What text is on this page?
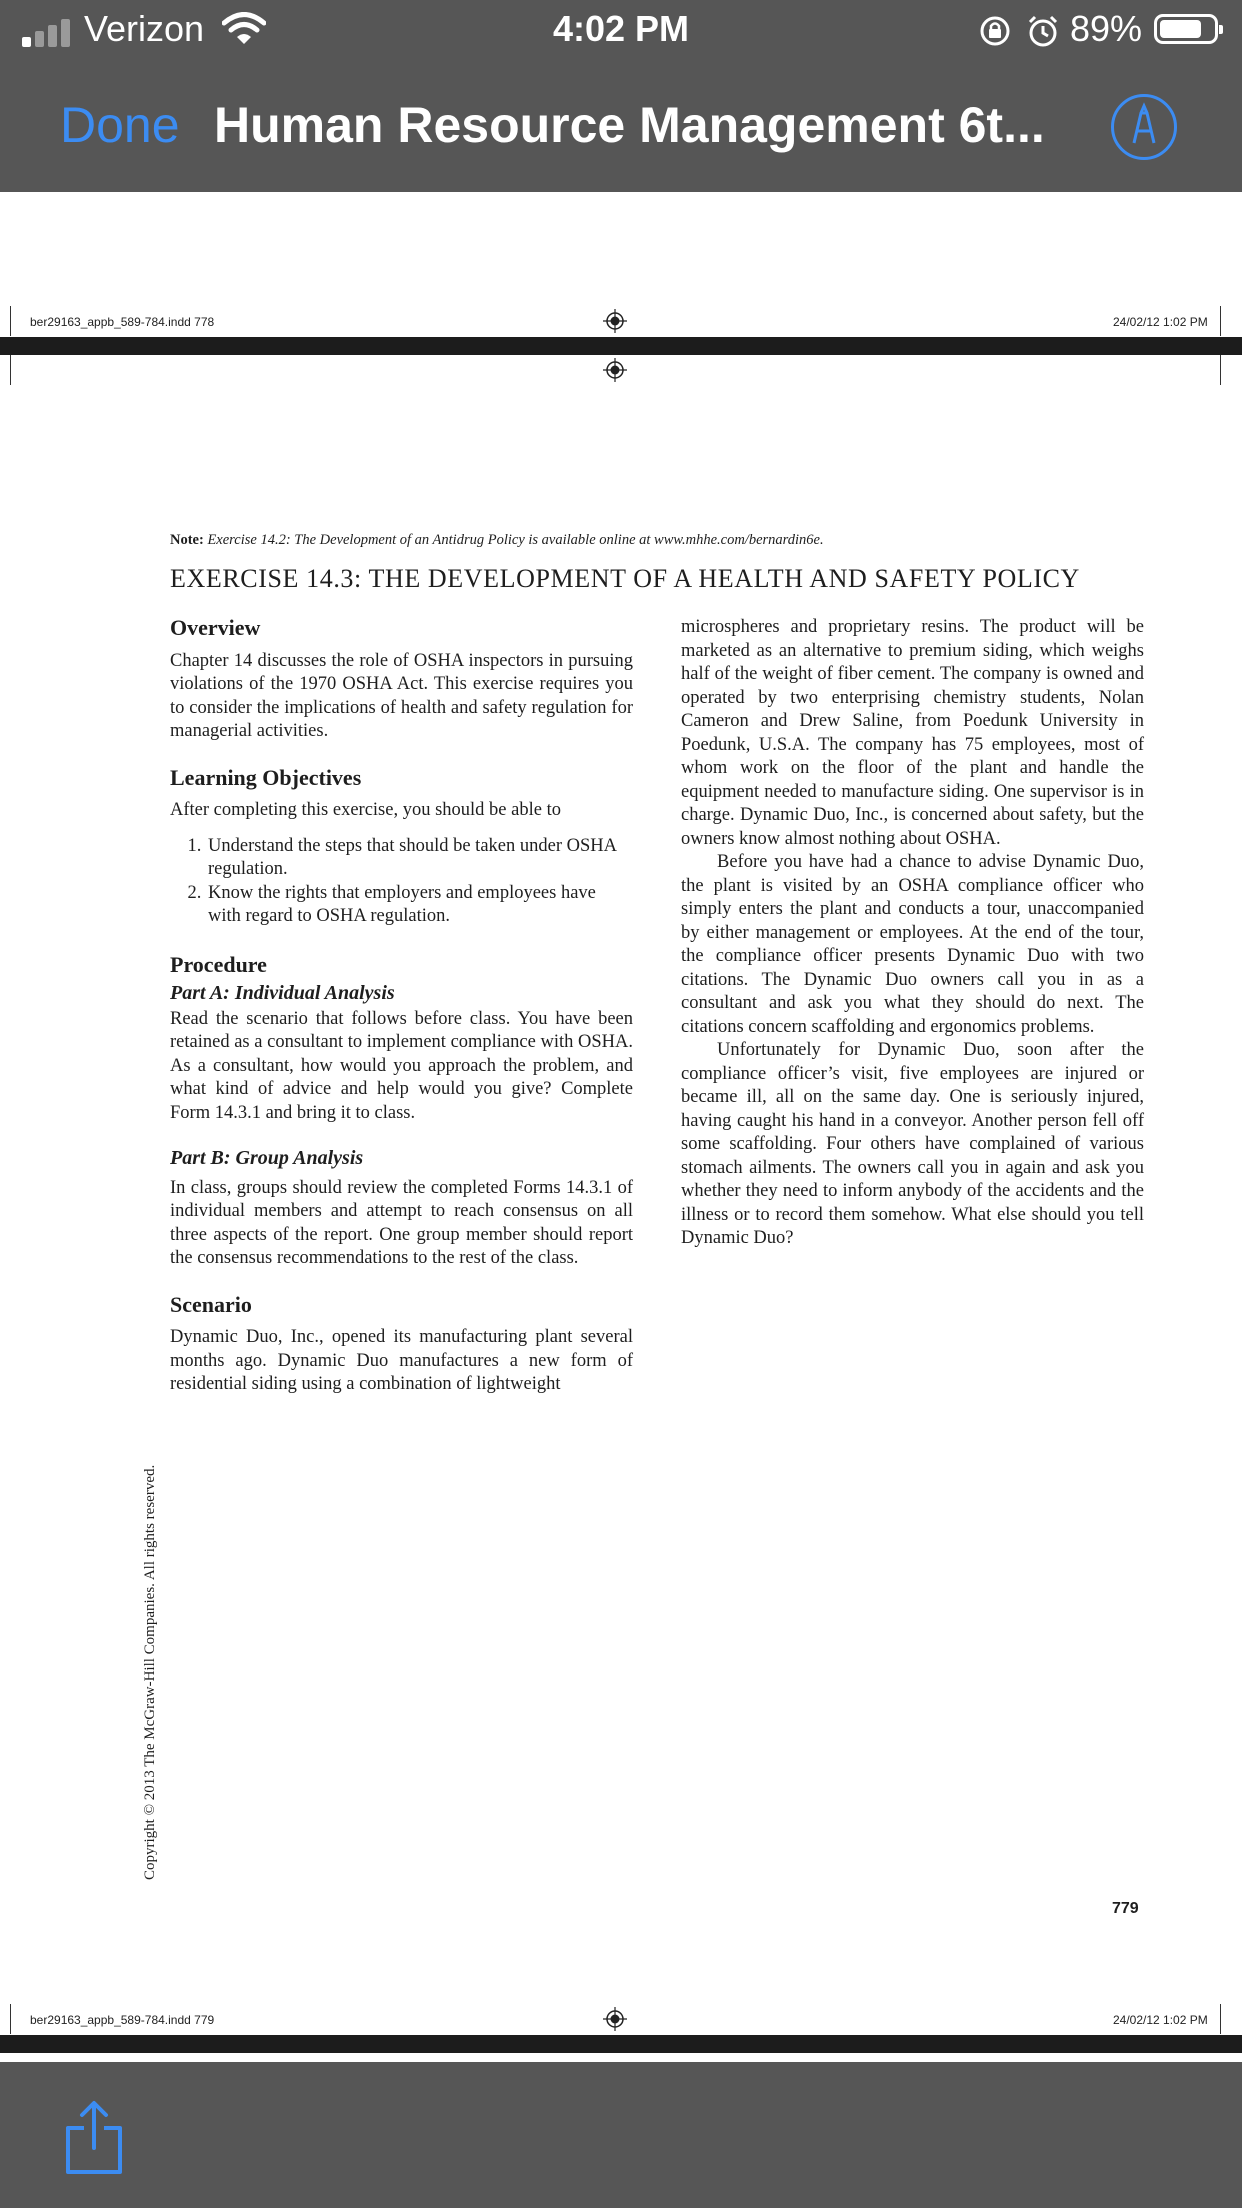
Verizon	4:02 PM	89%
Done Human Resource Management 6t...
ber29163_appb_589-784.indd 778	24/02/12 1:02 PM
Note: Exercise 14.2: The Development of an Antidrug Policy is available online at www.mhhe.com/bernardin6e.
EXERCISE 14.3: THE DEVELOPMENT OF A HEALTH AND SAFETY POLICY

Overview

Chapter 14 discusses the role of OSHA inspectors in pursuing violations of the 1970 OSHA Act. This exercise requires you to consider the implications of health and safety regulation for managerial activities.

Learning Objectives

After completing this exercise, you should be able to

1. Understand the steps that should be taken under OSHA regulation.
2. Know the rights that employers and employees have with regard to OSHA regulation.

Procedure

Part A: Individual Analysis

Read the scenario that follows before class. You have been retained as a consultant to implement compliance with OSHA. As a consultant, how would you approach the problem, and what kind of advice and help would you give? Complete Form 14.3.1 and bring it to class.

Part B: Group Analysis

In class, groups should review the completed Forms 14.3.1 of individual members and attempt to reach consensus on all three aspects of the report. One group member should report the consensus recommendations to the rest of the class.

Scenario

Dynamic Duo, Inc., opened its manufacturing plant several months ago. Dynamic Duo manufactures a new form of residential siding using a combination of lightweight

microspheres and proprietary resins. The product will be marketed as an alternative to premium siding, which weighs half of the weight of fiber cement. The company is owned and operated by two enterprising chemistry students, Nolan Cameron and Drew Saline, from Poedunk University in Poedunk, U.S.A. The company has 75 employees, most of whom work on the floor of the plant and handle the equipment needed to manufacture siding. One supervisor is in charge. Dynamic Duo, Inc., is concerned about safety, but the owners know almost nothing about OSHA.

Before you have had a chance to advise Dynamic Duo, the plant is visited by an OSHA compliance officer who simply enters the plant and conducts a tour, unaccompanied by either management or employees. At the end of the tour, the compliance officer presents Dynamic Duo with two citations. The Dynamic Duo owners call you in as a consultant and ask you what they should do next. The citations concern scaffolding and ergonomics problems.

Unfortunately for Dynamic Duo, soon after the compliance officer’s visit, five employees are injured or became ill, all on the same day. One is seriously injured, having caught his hand in a conveyor. Another person fell off some scaffolding. Four others have complained of various stomach ailments. The owners call you in again and ask you whether they need to inform anybody of the accidents and the illness or to record them somehow. What else should you tell Dynamic Duo?

Copyright © 2013 The McGraw-Hill Companies. All rights reserved.
779
ber29163_appb_589-784.indd 779	24/02/12 1:02 PM
